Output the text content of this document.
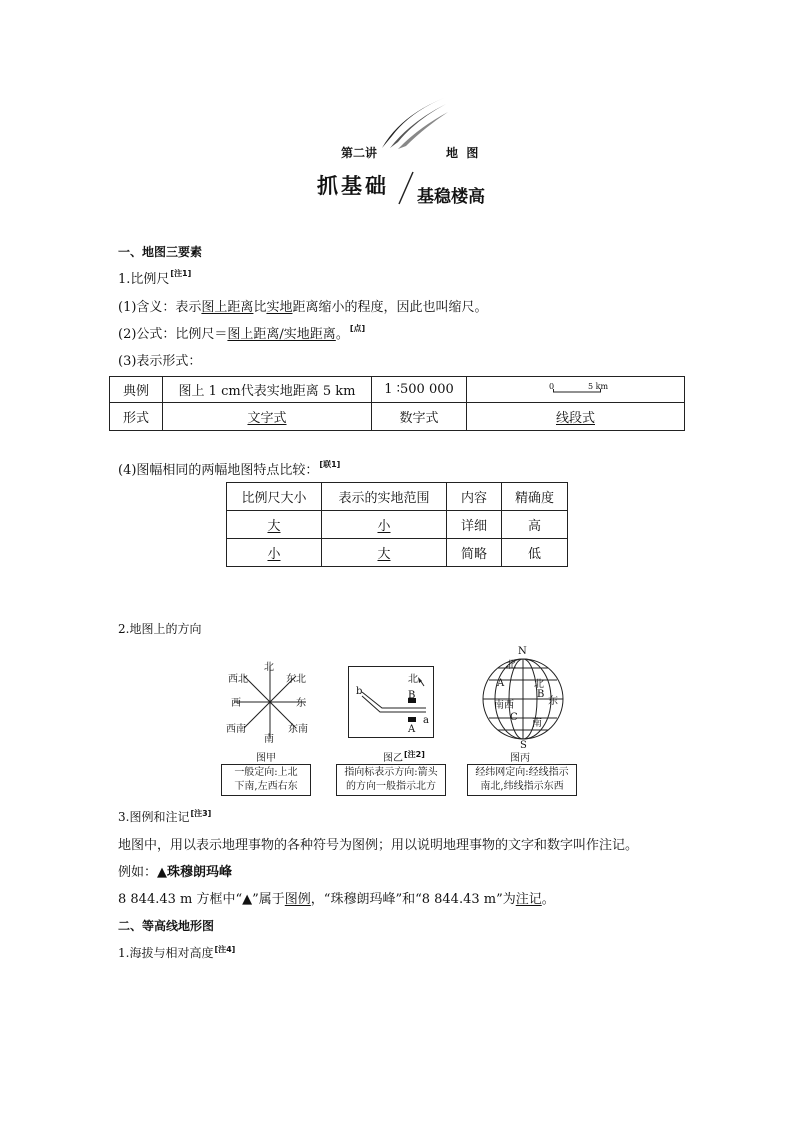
第二讲	地  图
抓基础 基稳楼高
一、地图三要素
1.比例尺[注1]
(1)含义：表示图上距离比实地距离缩小的程度，因此也叫缩尺。
(2)公式：比例尺＝图上距离/实地距离。[点]
(3)表示形式：
典例	图上 1 cm代表实地距离 5 km	1 ∶500 000	0 5 km

形式	文字式	数字式	线段式
(4)图幅相同的两幅地图特点比较：[联1]
比例尺大小	表示的实地范围	内容	精确度
大	小	详细	高
小	大	简略	低
2.地图上的方向
北
东北
西北
东
西
东南
西南
南
图甲
一般定向:上北
下南,左西右东
北
b	B
a
A
图乙[注2]
指向标表示方向:箭头
的方向一般指示北方
N
北
北
A
B
东
南西
C
南
S
图丙
经纬网定向:经线指示
南北,纬线指示东西
3.图例和注记[注3]
地图中，用以表示地理事物的各种符号为图例；用以说明地理事物的文字和数字叫作注记。
例如：▲珠穆朗玛峰
8 844.43 m 方框中“▲”属于图例，“珠穆朗玛峰”和“8 844.43 m”为注记。
二、等高线地形图
1.海拔与相对高度[注4]
